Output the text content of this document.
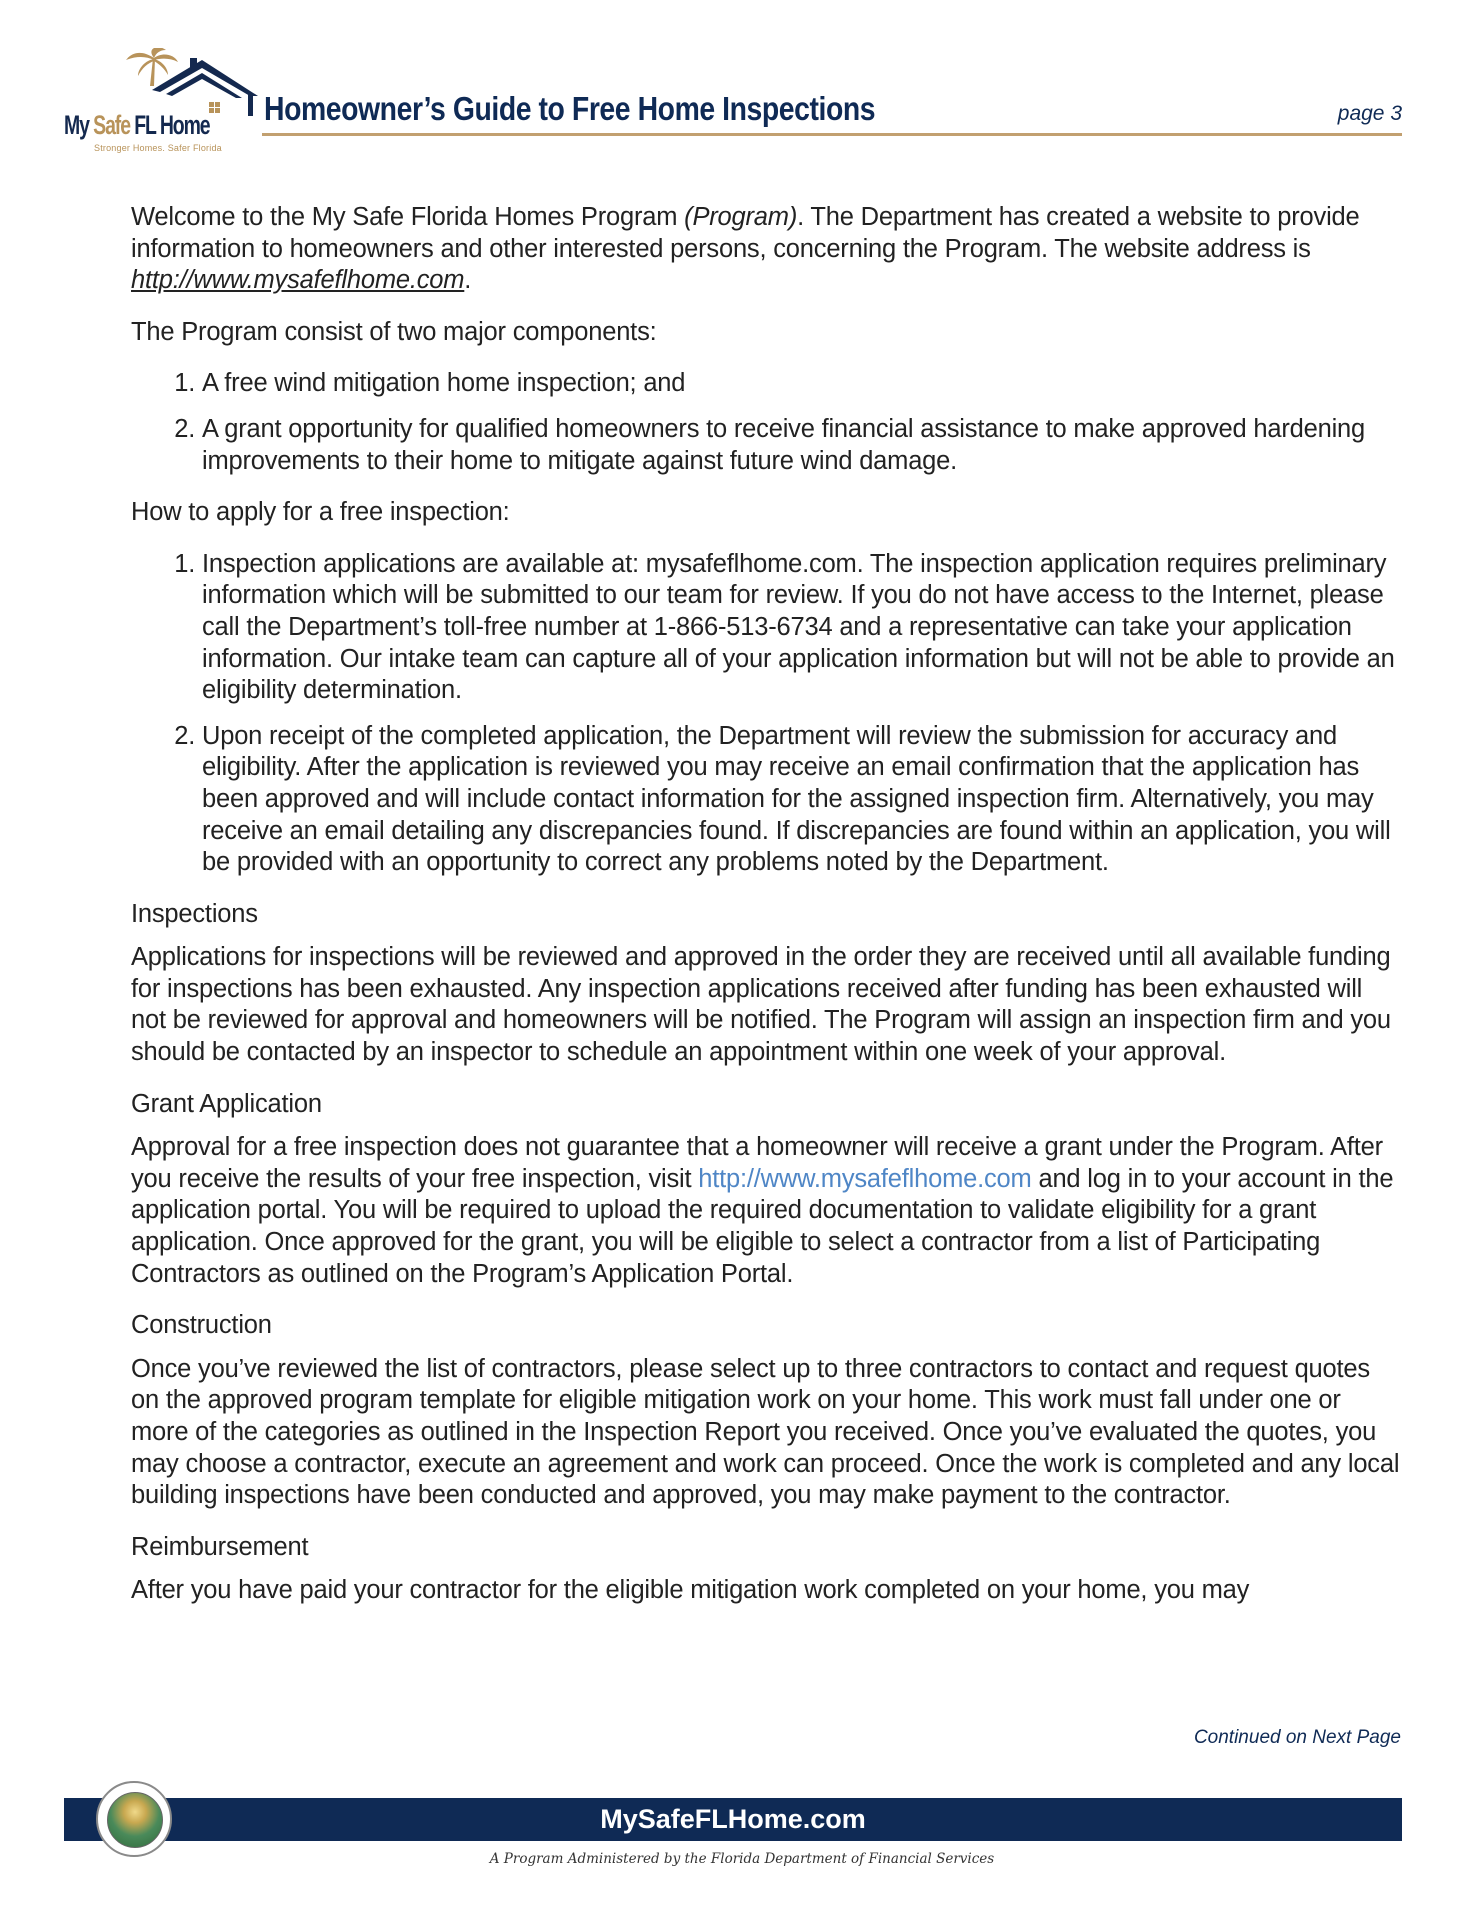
My Safe FL Home
Stronger Homes. Safer Florida
Homeowner’s Guide to Free Home Inspections	page 3

Welcome to the My Safe Florida Homes Program (Program). The Department has created a website to provide information to homeowners and other interested persons, concerning the Program. The website address is http://www.mysafeflhome.com.

The Program consist of two major components:

1. A free wind mitigation home inspection; and
2. A grant opportunity for qualified homeowners to receive financial assistance to make approved hardening improvements to their home to mitigate against future wind damage.

How to apply for a free inspection:

1. Inspection applications are available at: mysafeflhome.com. The inspection application requires preliminary information which will be submitted to our team for review. If you do not have access to the Internet, please call the Department’s toll-free number at 1-866-513-6734 and a representative can take your application information. Our intake team can capture all of your application information but will not be able to provide an eligibility determination.
2. Upon receipt of the completed application, the Department will review the submission for accuracy and eligibility. After the application is reviewed you may receive an email confirmation that the application has been approved and will include contact information for the assigned inspection firm. Alternatively, you may receive an email detailing any discrepancies found. If discrepancies are found within an application, you will be provided with an opportunity to correct any problems noted by the Department.
Inspections

Applications for inspections will be reviewed and approved in the order they are received until all available funding for inspections has been exhausted. Any inspection applications received after funding has been exhausted will not be reviewed for approval and homeowners will be notified. The Program will assign an inspection firm and you should be contacted by an inspector to schedule an appointment within one week of your approval.

Grant Application

Approval for a free inspection does not guarantee that a homeowner will receive a grant under the Program. After you receive the results of your free inspection, visit http://www.mysafeflhome.com and log in to your account in the application portal. You will be required to upload the required documentation to validate eligibility for a grant application. Once approved for the grant, you will be eligible to select a contractor from a list of Participating Contractors as outlined on the Program’s Application Portal.

Construction

Once you’ve reviewed the list of contractors, please select up to three contractors to contact and request quotes on the approved program template for eligible mitigation work on your home. This work must fall under one or more of the categories as outlined in the Inspection Report you received. Once you’ve evaluated the quotes, you may choose a contractor, execute an agreement and work can proceed. Once the work is completed and any local building inspections have been conducted and approved, you may make payment to the contractor.

Reimbursement

After you have paid your contractor for the eligible mitigation work completed on your home, you may

Continued on Next Page
MySafeFLHome.com
A Program Administered by the Florida Department of Financial Services
